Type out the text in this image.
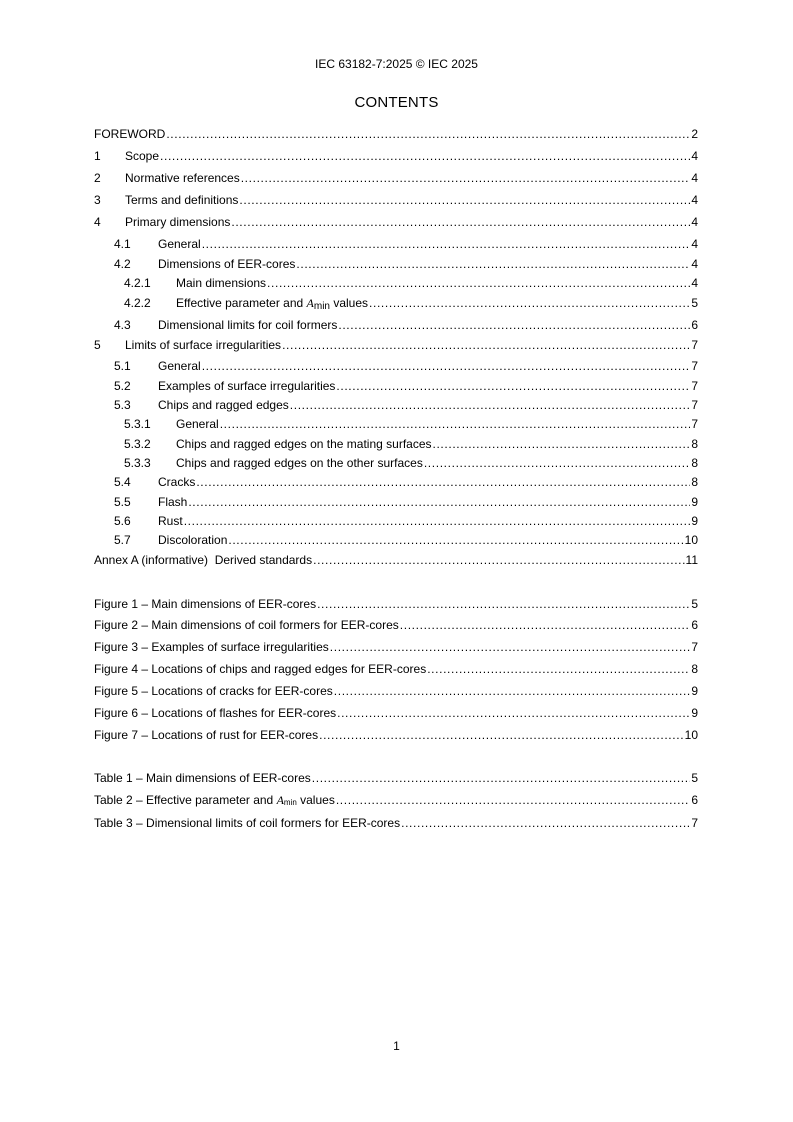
IEC 63182-7:2025 © IEC 2025
CONTENTS
FOREWORD . . .	2
1	Scope . . .	4
2	Normative references . . .	4
3	Terms and definitions . . .	4
4	Primary dimensions . . .	4
4.1	General . . .	4
4.2	Dimensions of EER-cores . . .	4
4.2.1	Main dimensions . . .	4
4.2.2	Effective parameter and Amin values . . .	5
4.3	Dimensional limits for coil formers . . .	6
5	Limits of surface irregularities . . .	7
5.1	General . . .	7
5.2	Examples of surface irregularities . . .	7
5.3	Chips and ragged edges . . .	7
5.3.1	General . . .	7
5.3.2	Chips and ragged edges on the mating surfaces . . .	8
5.3.3	Chips and ragged edges on the other surfaces . . .	8
5.4	Cracks . . .	8
5.5	Flash . . .	9
5.6	Rust . . .	9
5.7	Discoloration . . .	10
Annex A (informative)  Derived standards . . .	11
Figure 1 – Main dimensions of EER-cores . . .	5
Figure 2 – Main dimensions of coil formers for EER-cores . . .	6
Figure 3 – Examples of surface irregularities . . .	7
Figure 4 – Locations of chips and ragged edges for EER-cores . . .	8
Figure 5 – Locations of cracks for EER-cores . . .	9
Figure 6 – Locations of flashes for EER-cores . . .	9
Figure 7 – Locations of rust for EER-cores . . .	10
Table 1 – Main dimensions of EER-cores . . .	5
Table 2 – Effective parameter and Amin values . . .	6
Table 3 – Dimensional limits of coil formers for EER-cores . . .	7
1
